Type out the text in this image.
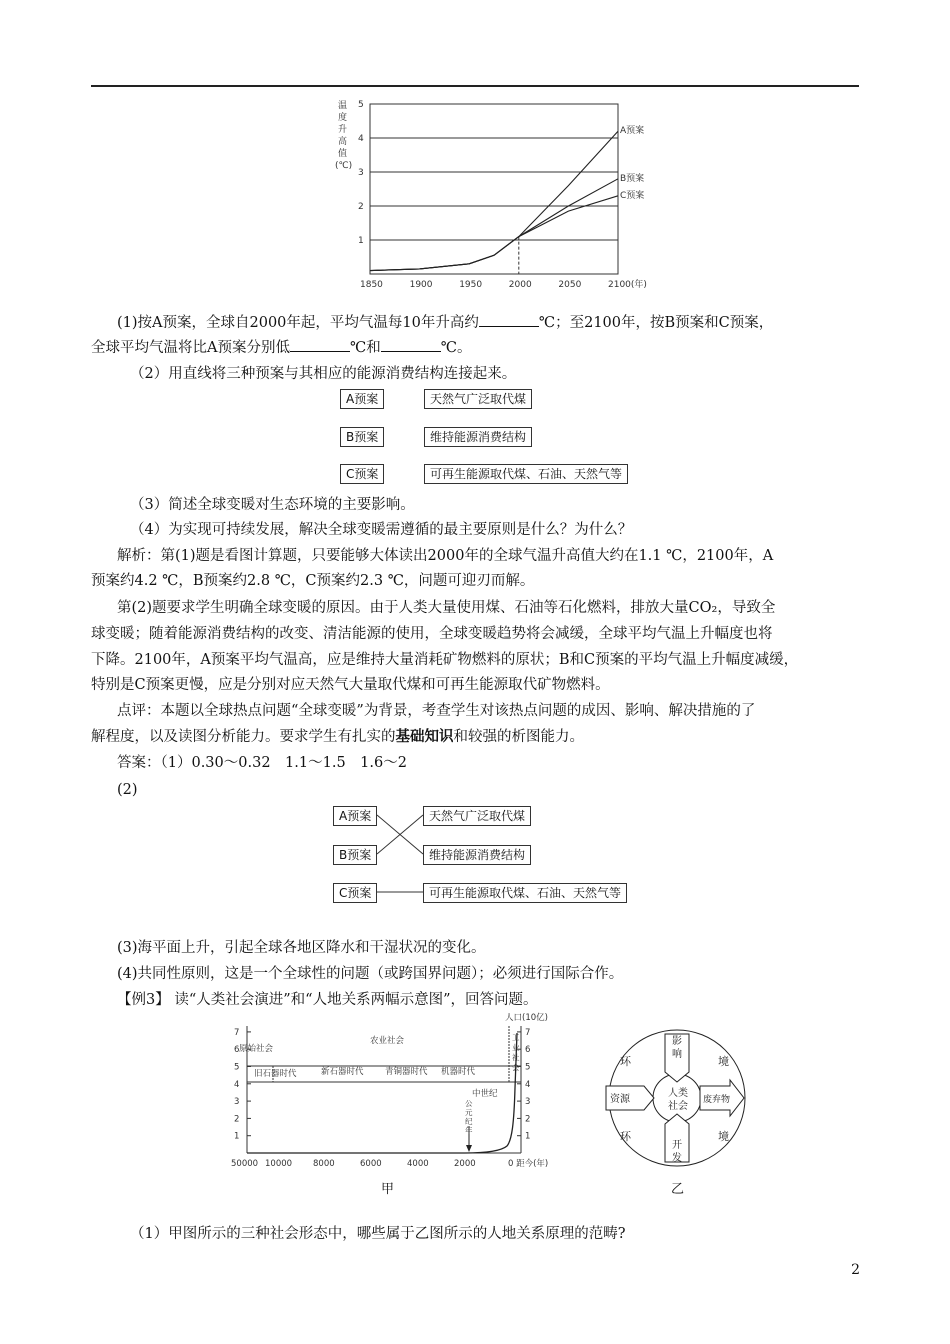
温
度
升
高
值
(℃)
1
2
3
4
5
1850	1900	1950	2000	2050	2100(年)
A预案
B预案
C预案
(1)按A预案，全球自2000年起，平均气温每10年升高约	℃；至2100年，按B预案和C预案，
全球平均气温将比A预案分别低	℃和	℃。
（2）用直线将三种预案与其相应的能源消费结构连接起来。
A预案	天然气广泛取代煤
B预案	维持能源消费结构
C预案	可再生能源取代煤、石油、天然气等
（3）简述全球变暖对生态环境的主要影响。
（4）为实现可持续发展，解决全球变暖需遵循的最主要原则是什么？为什么？
解析：第(1)题是看图计算题，只要能够大体读出2000年的全球气温升高值大约在1.1 ℃，2100年，A
预案约4.2 ℃，B预案约2.8 ℃，C预案约2.3 ℃，问题可迎刃而解。
第(2)题要求学生明确全球变暖的原因。由于人类大量使用煤、石油等石化燃料，排放大量CO₂，导致全
球变暖；随着能源消费结构的改变、清洁能源的使用，全球变暖趋势将会减缓，全球平均气温上升幅度也将
下降。2100年，A预案平均气温高，应是维持大量消耗矿物燃料的原状；B和C预案的平均气温上升幅度减缓，
特别是C预案更慢，应是分别对应天然气大量取代煤和可再生能源取代矿物燃料。
点评：本题以全球热点问题“全球变暖”为背景，考查学生对该热点问题的成因、影响、解决措施的了
解程度，以及读图分析能力。要求学生有扎实的基础知识和较强的析图能力。
答案：（1）0.30～0.32　1.1～1.5　1.6～2
(2)
A预案	天然气广泛取代煤
B预案	维持能源消费结构
C预案	可再生能源取代煤、石油、天然气等
(3)海平面上升，引起全球各地区降水和干湿状况的变化。
(4)共同性原则，这是一个全球性的问题（或跨国界问题）；必须进行国际合作。
【例3】 读“人类社会演进”和“人地关系两幅示意图”，回答问题。
人口(10亿)
1	1
2	2
3	3
4	4
5	5
6	6
7	7
原始社会
农业社会	工
业
社
会
旧石器时代	新石器时代	青铜器时代 机器时代
中世纪
公
元
纪
年
50000 10000 8000	6000	4000	2000	0 距今(年)
甲
人类
社会
影
响
开
发
环	境
环	境
资源	废弃物
乙
（1）甲图所示的三种社会形态中，哪些属于乙图所示的人地关系原理的范畴?
2
